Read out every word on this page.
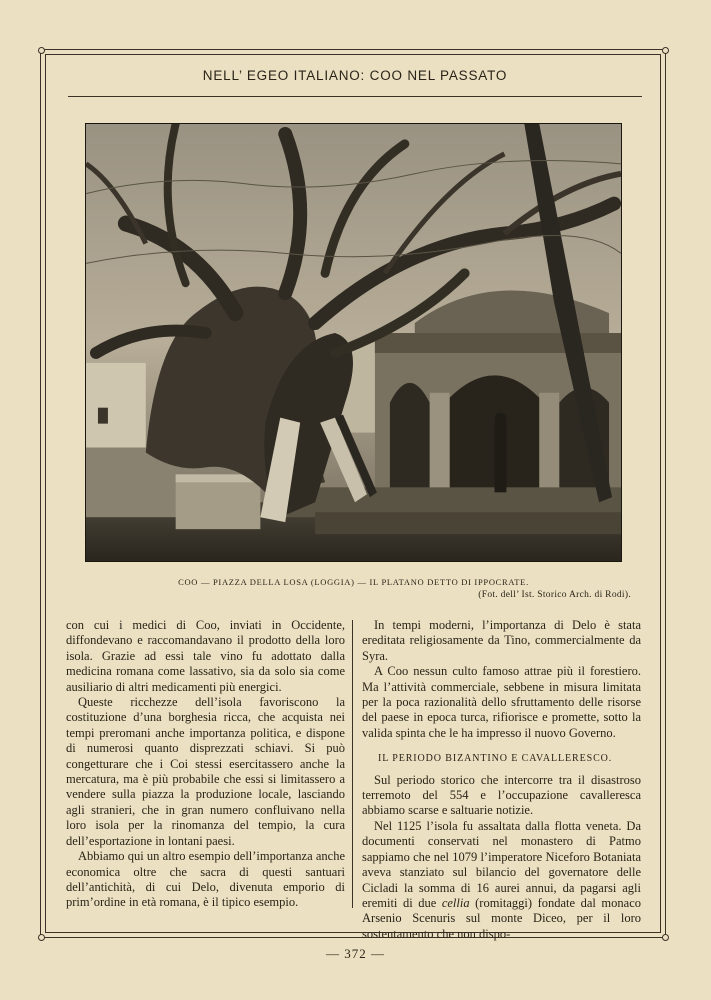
NELL’ EGEO ITALIANO: COO NEL PASSATO
COO — PIAZZA DELLA LOSA (LOGGIA) — IL PLATANO DETTO DI IPPOCRATE.
(Fot. dell’ Ist. Storico Arch. di Rodi).

con cui i medici di Coo, inviati in Occidente, diffondevano e raccomandavano il prodotto della loro isola. Grazie ad essi tale vino fu adottato dalla medicina romana come lassativo, sia da solo sia come ausiliario di altri medicamenti più energici.

Queste ricchezze dell’isola favoriscono la costituzione d’una borghesia ricca, che acquista nei tempi preromani anche importanza politica, e dispone di numerosi quanto disprezzati schiavi. Si può congetturare che i Coi stessi esercitassero anche la mercatura, ma è più probabile che essi si limitassero a vendere sulla piazza la produzione locale, lasciando agli stranieri, che in gran numero confluivano nella loro isola per la rinomanza del tempio, la cura dell’esportazione in lontani paesi.

Abbiamo qui un altro esempio dell’importanza anche economica oltre che sacra di questi santuari dell’antichità, di cui Delo, divenuta emporio di prim’ordine in età romana, è il tipico esempio.

In tempi moderni, l’importanza di Delo è stata ereditata religiosamente da Tino, commercialmente da Syra.

A Coo nessun culto famoso attrae più il forestiero. Ma l’attività commerciale, sebbene in misura limitata per la poca razionalità dello sfruttamento delle risorse del paese in epoca turca, rifiorisce e promette, sotto la valida spinta che le ha impresso il nuovo Governo.

IL PERIODO BIZANTINO E CAVALLERESCO.

Sul periodo storico che intercorre tra il disastroso terremoto del 554 e l’occupazione cavalleresca abbiamo scarse e saltuarie notizie.

Nel 1125 l’isola fu assaltata dalla flotta veneta. Da documenti conservati nel monastero di Patmo sappiamo che nel 1079 l’imperatore Niceforo Botaniata aveva stanziato sul bilancio del governatore delle Cicladi la somma di 16 aurei annui, da pagarsi agli eremiti di due cellia (romitaggi) fondate dal monaco Arsenio Scenuris sul monte Diceo, per il loro sostentamento che non dispo-

— 372 —
